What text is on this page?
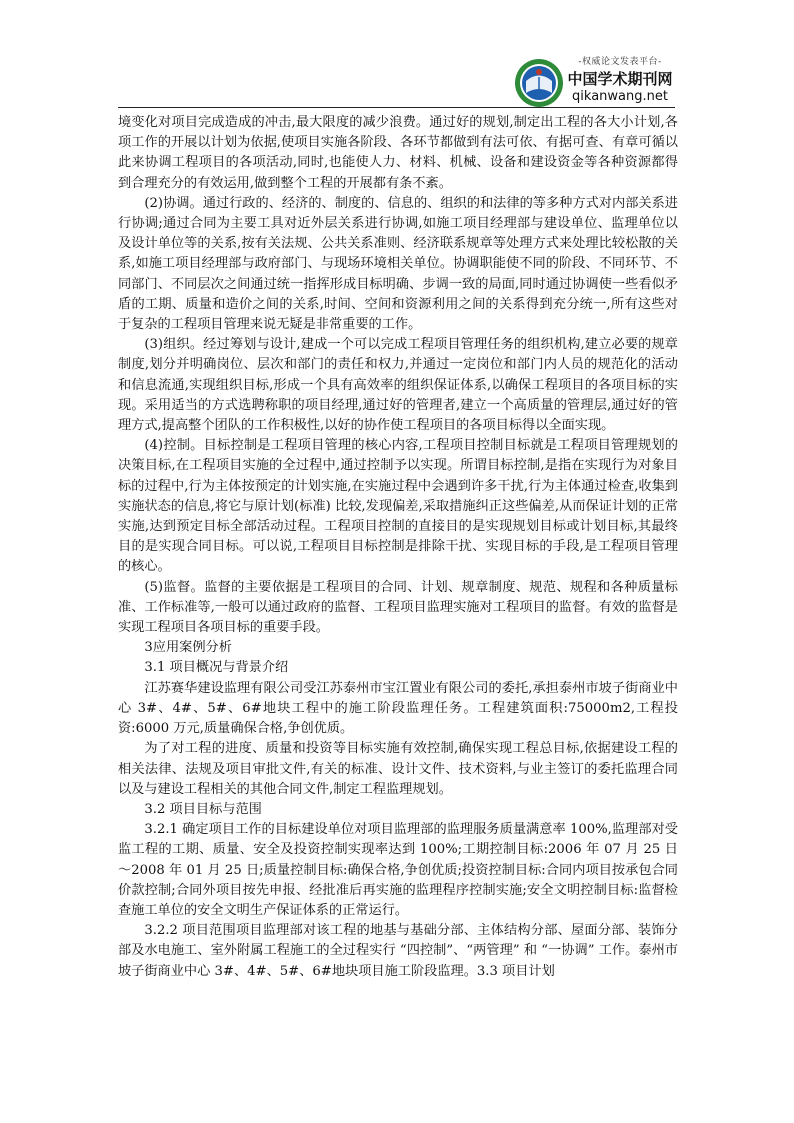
-权威论文发表平台-
中国学术期刊网
qikanwang.net

境变化对项目完成造成的冲击,最大限度的减少浪费。通过好的规划,制定出工程的各大小计划,各项工作的开展以计划为依据,使项目实施各阶段、各环节都做到有法可依、有据可查、有章可循以此来协调工程项目的各项活动,同时,也能使人力、材料、机械、设备和建设资金等各种资源都得到合理充分的有效运用,做到整个工程的开展都有条不紊。

(2)协调。通过行政的、经济的、制度的、信息的、组织的和法律的等多种方式对内部关系进行协调;通过合同为主要工具对近外层关系进行协调,如施工项目经理部与建设单位、监理单位以及设计单位等的关系,按有关法规、公共关系准则、经济联系规章等处理方式来处理比较松散的关系,如施工项目经理部与政府部门、与现场环境相关单位。协调职能使不同的阶段、不同环节、不同部门、不同层次之间通过统一指挥形成目标明确、步调一致的局面,同时通过协调使一些看似矛盾的工期、质量和造价之间的关系,时间、空间和资源利用之间的关系得到充分统一,所有这些对于复杂的工程项目管理来说无疑是非常重要的工作。

(3)组织。经过筹划与设计,建成一个可以完成工程项目管理任务的组织机构,建立必要的规章制度,划分并明确岗位、层次和部门的责任和权力,并通过一定岗位和部门内人员的规范化的活动和信息流通,实现组织目标,形成一个具有高效率的组织保证体系,以确保工程项目的各项目标的实现。采用适当的方式选聘称职的项目经理,通过好的管理者,建立一个高质量的管理层,通过好的管理方式,提高整个团队的工作积极性,以好的协作使工程项目的各项目标得以全面实现。

(4)控制。目标控制是工程项目管理的核心内容,工程项目控制目标就是工程项目管理规划的决策目标,在工程项目实施的全过程中,通过控制予以实现。所谓目标控制,是指在实现行为对象目标的过程中,行为主体按预定的计划实施,在实施过程中会遇到许多干扰,行为主体通过检查,收集到实施状态的信息,将它与原计划(标准) 比较,发现偏差,采取措施纠正这些偏差,从而保证计划的正常实施,达到预定目标全部活动过程。工程项目控制的直接目的是实现规划目标或计划目标,其最终目的是实现合同目标。可以说,工程项目目标控制是排除干扰、实现目标的手段,是工程项目管理的核心。

(5)监督。监督的主要依据是工程项目的合同、计划、规章制度、规范、规程和各种质量标准、工作标准等,一般可以通过政府的监督、工程项目监理实施对工程项目的监督。有效的监督是实现工程项目各项目标的重要手段。

3应用案例分析

3.1 项目概况与背景介绍

江苏赛华建设监理有限公司受江苏泰州市宝江置业有限公司的委托,承担泰州市坡子街商业中心 3#、4#、5#、6#地块工程中的施工阶段监理任务。工程建筑面积:75000m2,工程投资:6000 万元,质量确保合格,争创优质。

为了对工程的进度、质量和投资等目标实施有效控制,确保实现工程总目标,依据建设工程的相关法律、法规及项目审批文件,有关的标准、设计文件、技术资料,与业主签订的委托监理合同以及与建设工程相关的其他合同文件,制定工程监理规划。

3.2 项目目标与范围

3.2.1 确定项目工作的目标建设单位对项目监理部的监理服务质量满意率 100%,监理部对受监工程的工期、质量、安全及投资控制实现率达到 100%;工期控制目标:2006 年 07 月 25 日～2008 年 01 月 25 日;质量控制目标:确保合格,争创优质;投资控制目标:合同内项目按承包合同价款控制;合同外项目按先申报、经批准后再实施的监理程序控制实施;安全文明控制目标:监督检查施工单位的安全文明生产保证体系的正常运行。

3.2.2 项目范围项目监理部对该工程的地基与基础分部、主体结构分部、屋面分部、装饰分部及水电施工、室外附属工程施工的全过程实行 “四控制”、“两管理” 和 “一协调” 工作。泰州市坡子街商业中心 3#、4#、5#、6#地块项目施工阶段监理。3.3 项目计划
